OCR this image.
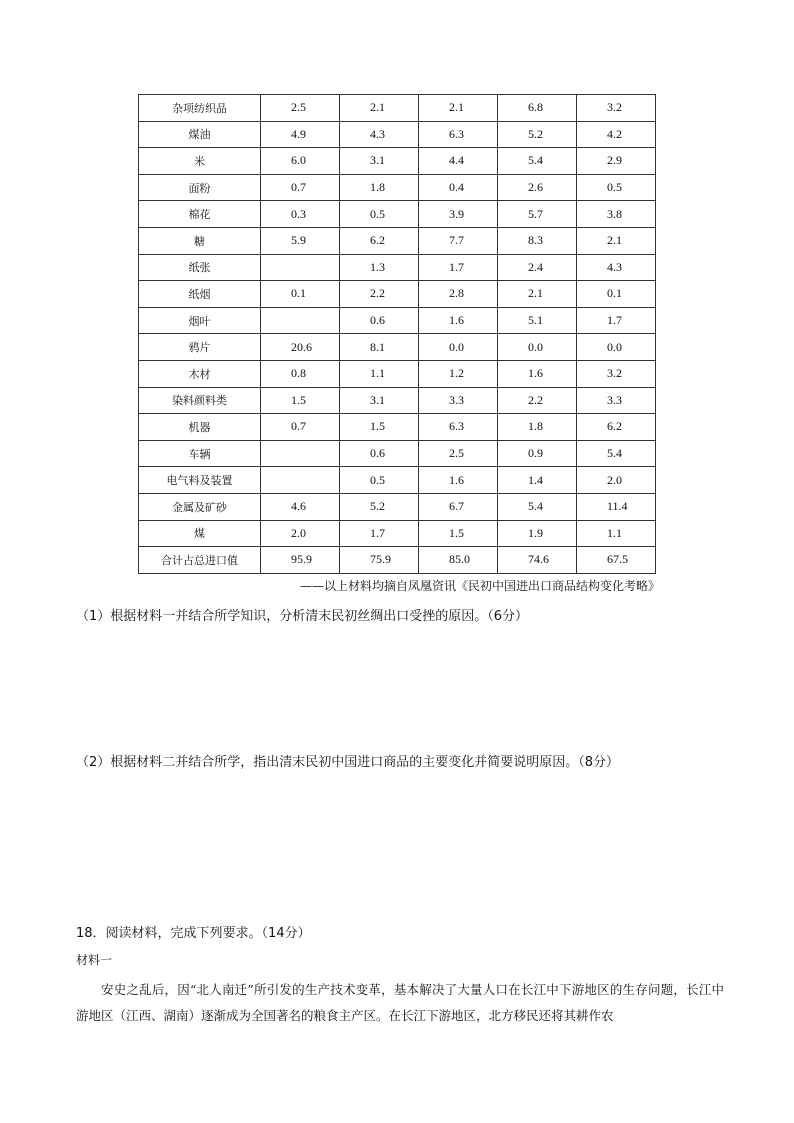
杂项纺织品	2.5	2.1	2.1	6.8	3.2
煤油	4.9	4.3	6.3	5.2	4.2
米	6.0	3.1	4.4	5.4	2.9
面粉	0.7	1.8	0.4	2.6	0.5
棉花	0.3	0.5	3.9	5.7	3.8
糖	5.9	6.2	7.7	8.3	2.1
纸张		1.3	1.7	2.4	4.3
纸烟	0.1	2.2	2.8	2.1	0.1
烟叶		0.6	1.6	5.1	1.7
鸦片	20.6	8.1	0.0	0.0	0.0
木材	0.8	1.1	1.2	1.6	3.2
染料颜料类	1.5	3.1	3.3	2.2	3.3
机器	0.7	1.5	6.3	1.8	6.2
车辆		0.6	2.5	0.9	5.4
电气料及装置		0.5	1.6	1.4	2.0
金属及矿砂	4.6	5.2	6.7	5.4	11.4
煤	2.0	1.7	1.5	1.9	1.1
合计占总进口值	95.9	75.9	85.0	74.6	67.5
——以上材料均摘自凤凰资讯《民初中国进出口商品结构变化考略》
（1）根据材料一并结合所学知识，分析清末民初丝绸出口受挫的原因。（6分）
（2）根据材料二并结合所学，指出清末民初中国进口商品的主要变化并简要说明原因。（8分）
18．阅读材料，完成下列要求。（14分）
材料一
安史之乱后，因“北人南迁”所引发的生产技术变革，基本解决了大量人口在长江中下游地区的生存问题，长江中游地区（江西、湖南）逐渐成为全国著名的粮食主产区。在长江下游地区，北方移民还将其耕作农
